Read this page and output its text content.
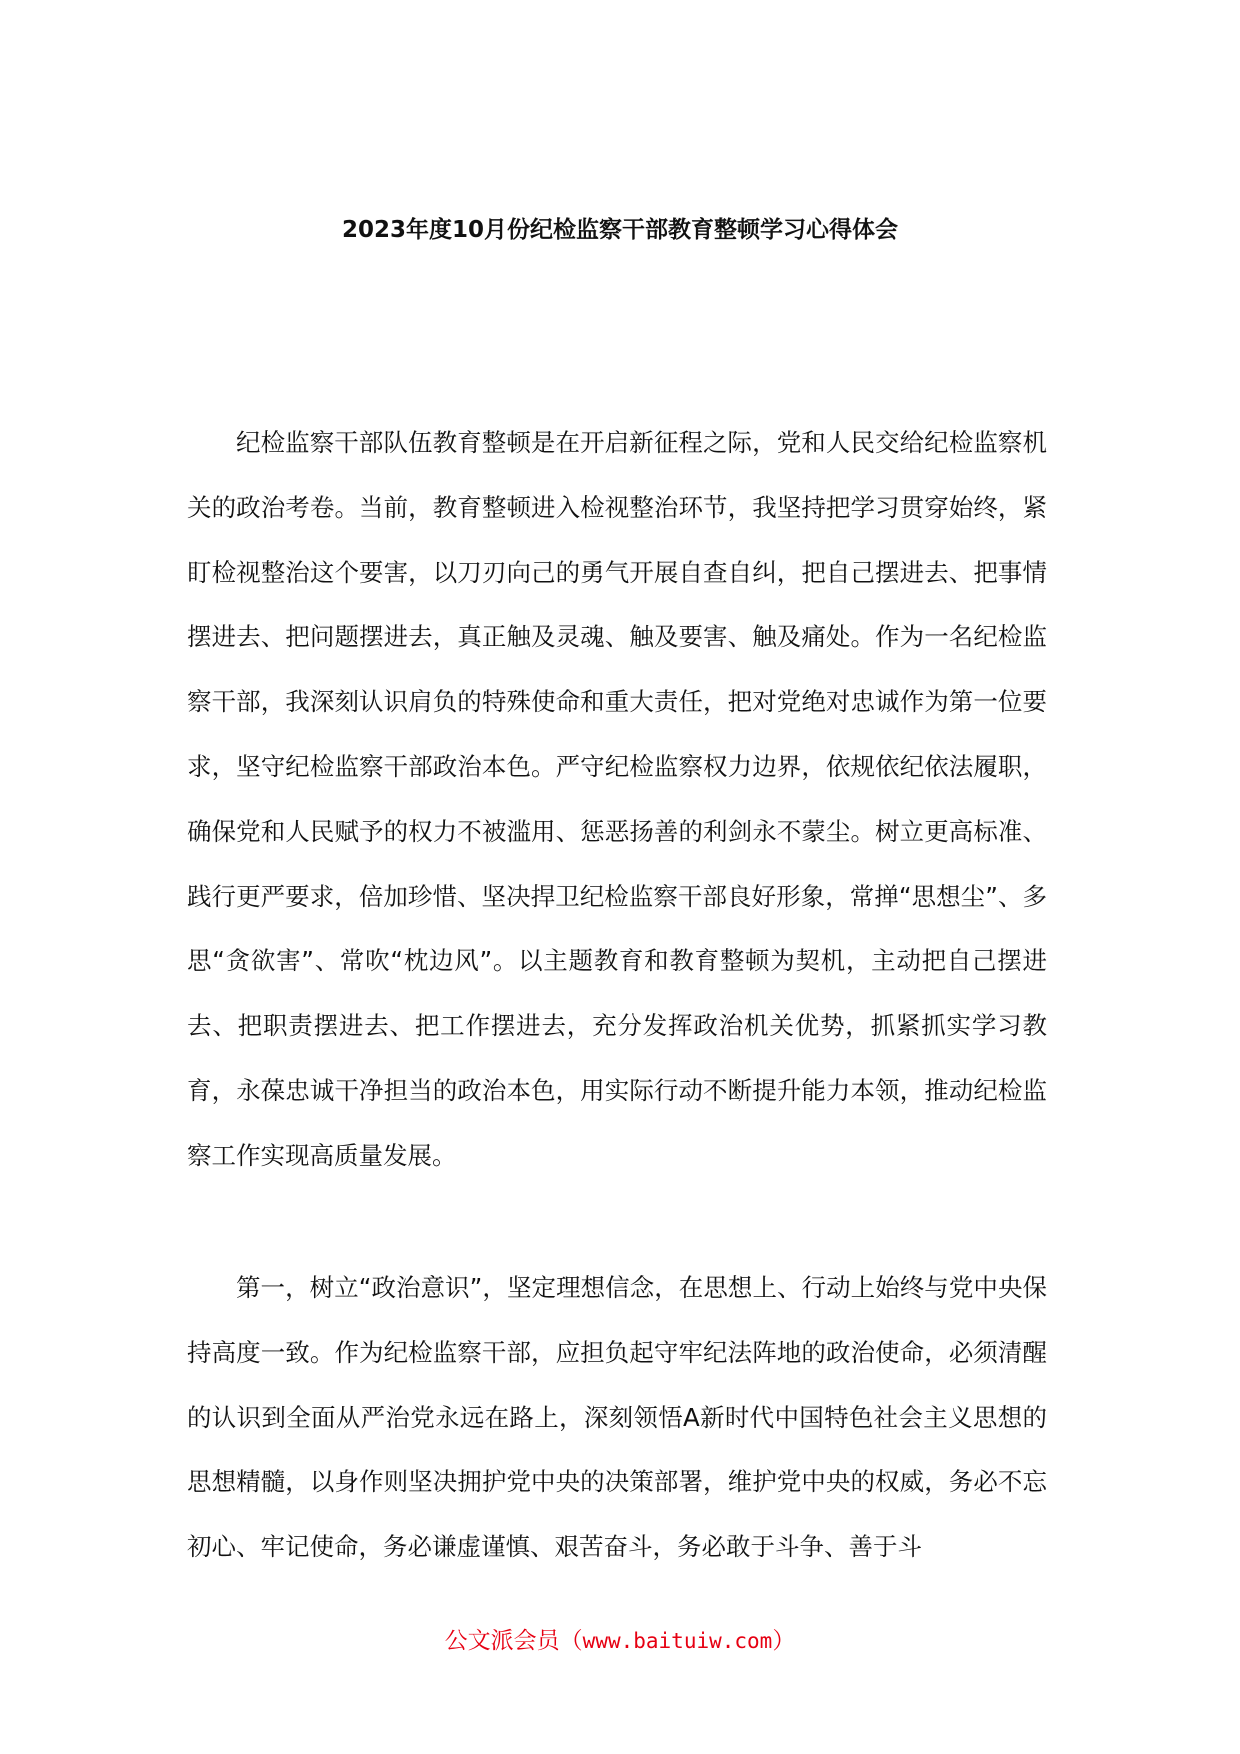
2023年度10月份纪检监察干部教育整顿学习心得体会

纪检监察干部队伍教育整顿是在开启新征程之际，党和人民交给纪检监察机关的政治考卷。当前，教育整顿进入检视整治环节，我坚持把学习贯穿始终，紧盯检视整治这个要害，以刀刃向己的勇气开展自查自纠，把自己摆进去、把事情摆进去、把问题摆进去，真正触及灵魂、触及要害、触及痛处。作为一名纪检监察干部，我深刻认识肩负的特殊使命和重大责任，把对党绝对忠诚作为第一位要求，坚守纪检监察干部政治本色。严守纪检监察权力边界，依规依纪依法履职，确保党和人民赋予的权力不被滥用、惩恶扬善的利剑永不蒙尘。树立更高标准、践行更严要求，倍加珍惜、坚决捍卫纪检监察干部良好形象，常掸“思想尘”、多思“贪欲害”、常吹“枕边风”。以主题教育和教育整顿为契机，主动把自己摆进去、把职责摆进去、把工作摆进去，充分发挥政治机关优势，抓紧抓实学习教育，永葆忠诚干净担当的政治本色，用实际行动不断提升能力本领，推动纪检监察工作实现高质量发展。

第一，树立“政治意识”，坚定理想信念，在思想上、行动上始终与党中央保持高度一致。作为纪检监察干部，应担负起守牢纪法阵地的政治使命，必须清醒的认识到全面从严治党永远在路上，深刻领悟A新时代中国特色社会主义思想的思想精髓，以身作则坚决拥护党中央的决策部署，维护党中央的权威，务必不忘初心、牢记使命，务必谦虚谨慎、艰苦奋斗，务必敢于斗争、善于斗

公文派会员（www.baituiw.com）
